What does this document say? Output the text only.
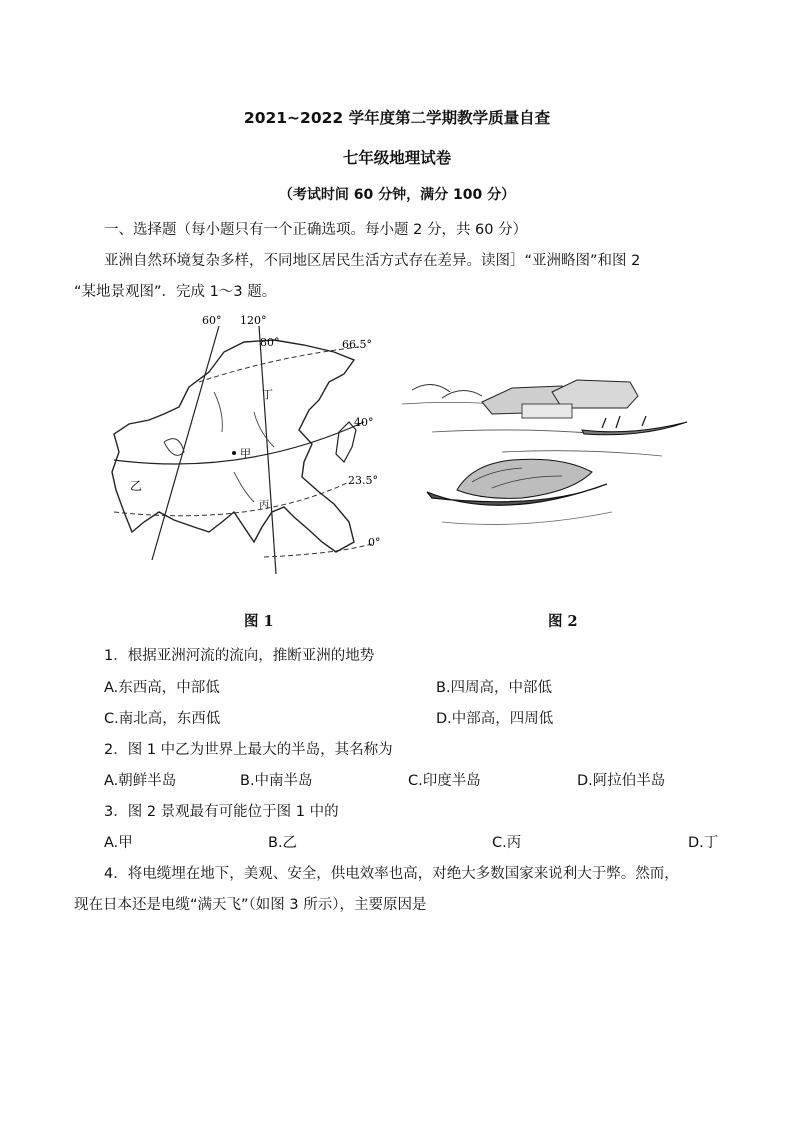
2021~2022 学年度第二学期教学质量自查
七年级地理试卷
（考试时间 60 分钟，满分 100 分）
一、选择题（每小题只有一个正确选项。每小题 2 分，共 60 分）
亚洲自然环境复杂多样，不同地区居民生活方式存在差异。读图］“亚洲略图”和图 2
“某地景观图”．完成 1～3 题。
60° 120°
80°	66.5°
40°
23.5°
0°
丁
甲
乙
丙
图 1	图 2
1．根据亚洲河流的流向，推断亚洲的地势
A.东西高，中部低	B.四周高，中部低
C.南北高，东西低	D.中部高，四周低
2．图 1 中乙为世界上最大的半岛，其名称为
A.朝鲜半岛	B.中南半岛	C.印度半岛	D.阿拉伯半岛
3．图 2 景观最有可能位于图 1 中的
A.甲	B.乙	C.丙	D.丁
4．将电缆埋在地下，美观、安全，供电效率也高，对绝大多数国家来说利大于弊。然而，
现在日本还是电缆“满天飞”（如图 3 所示），主要原因是
